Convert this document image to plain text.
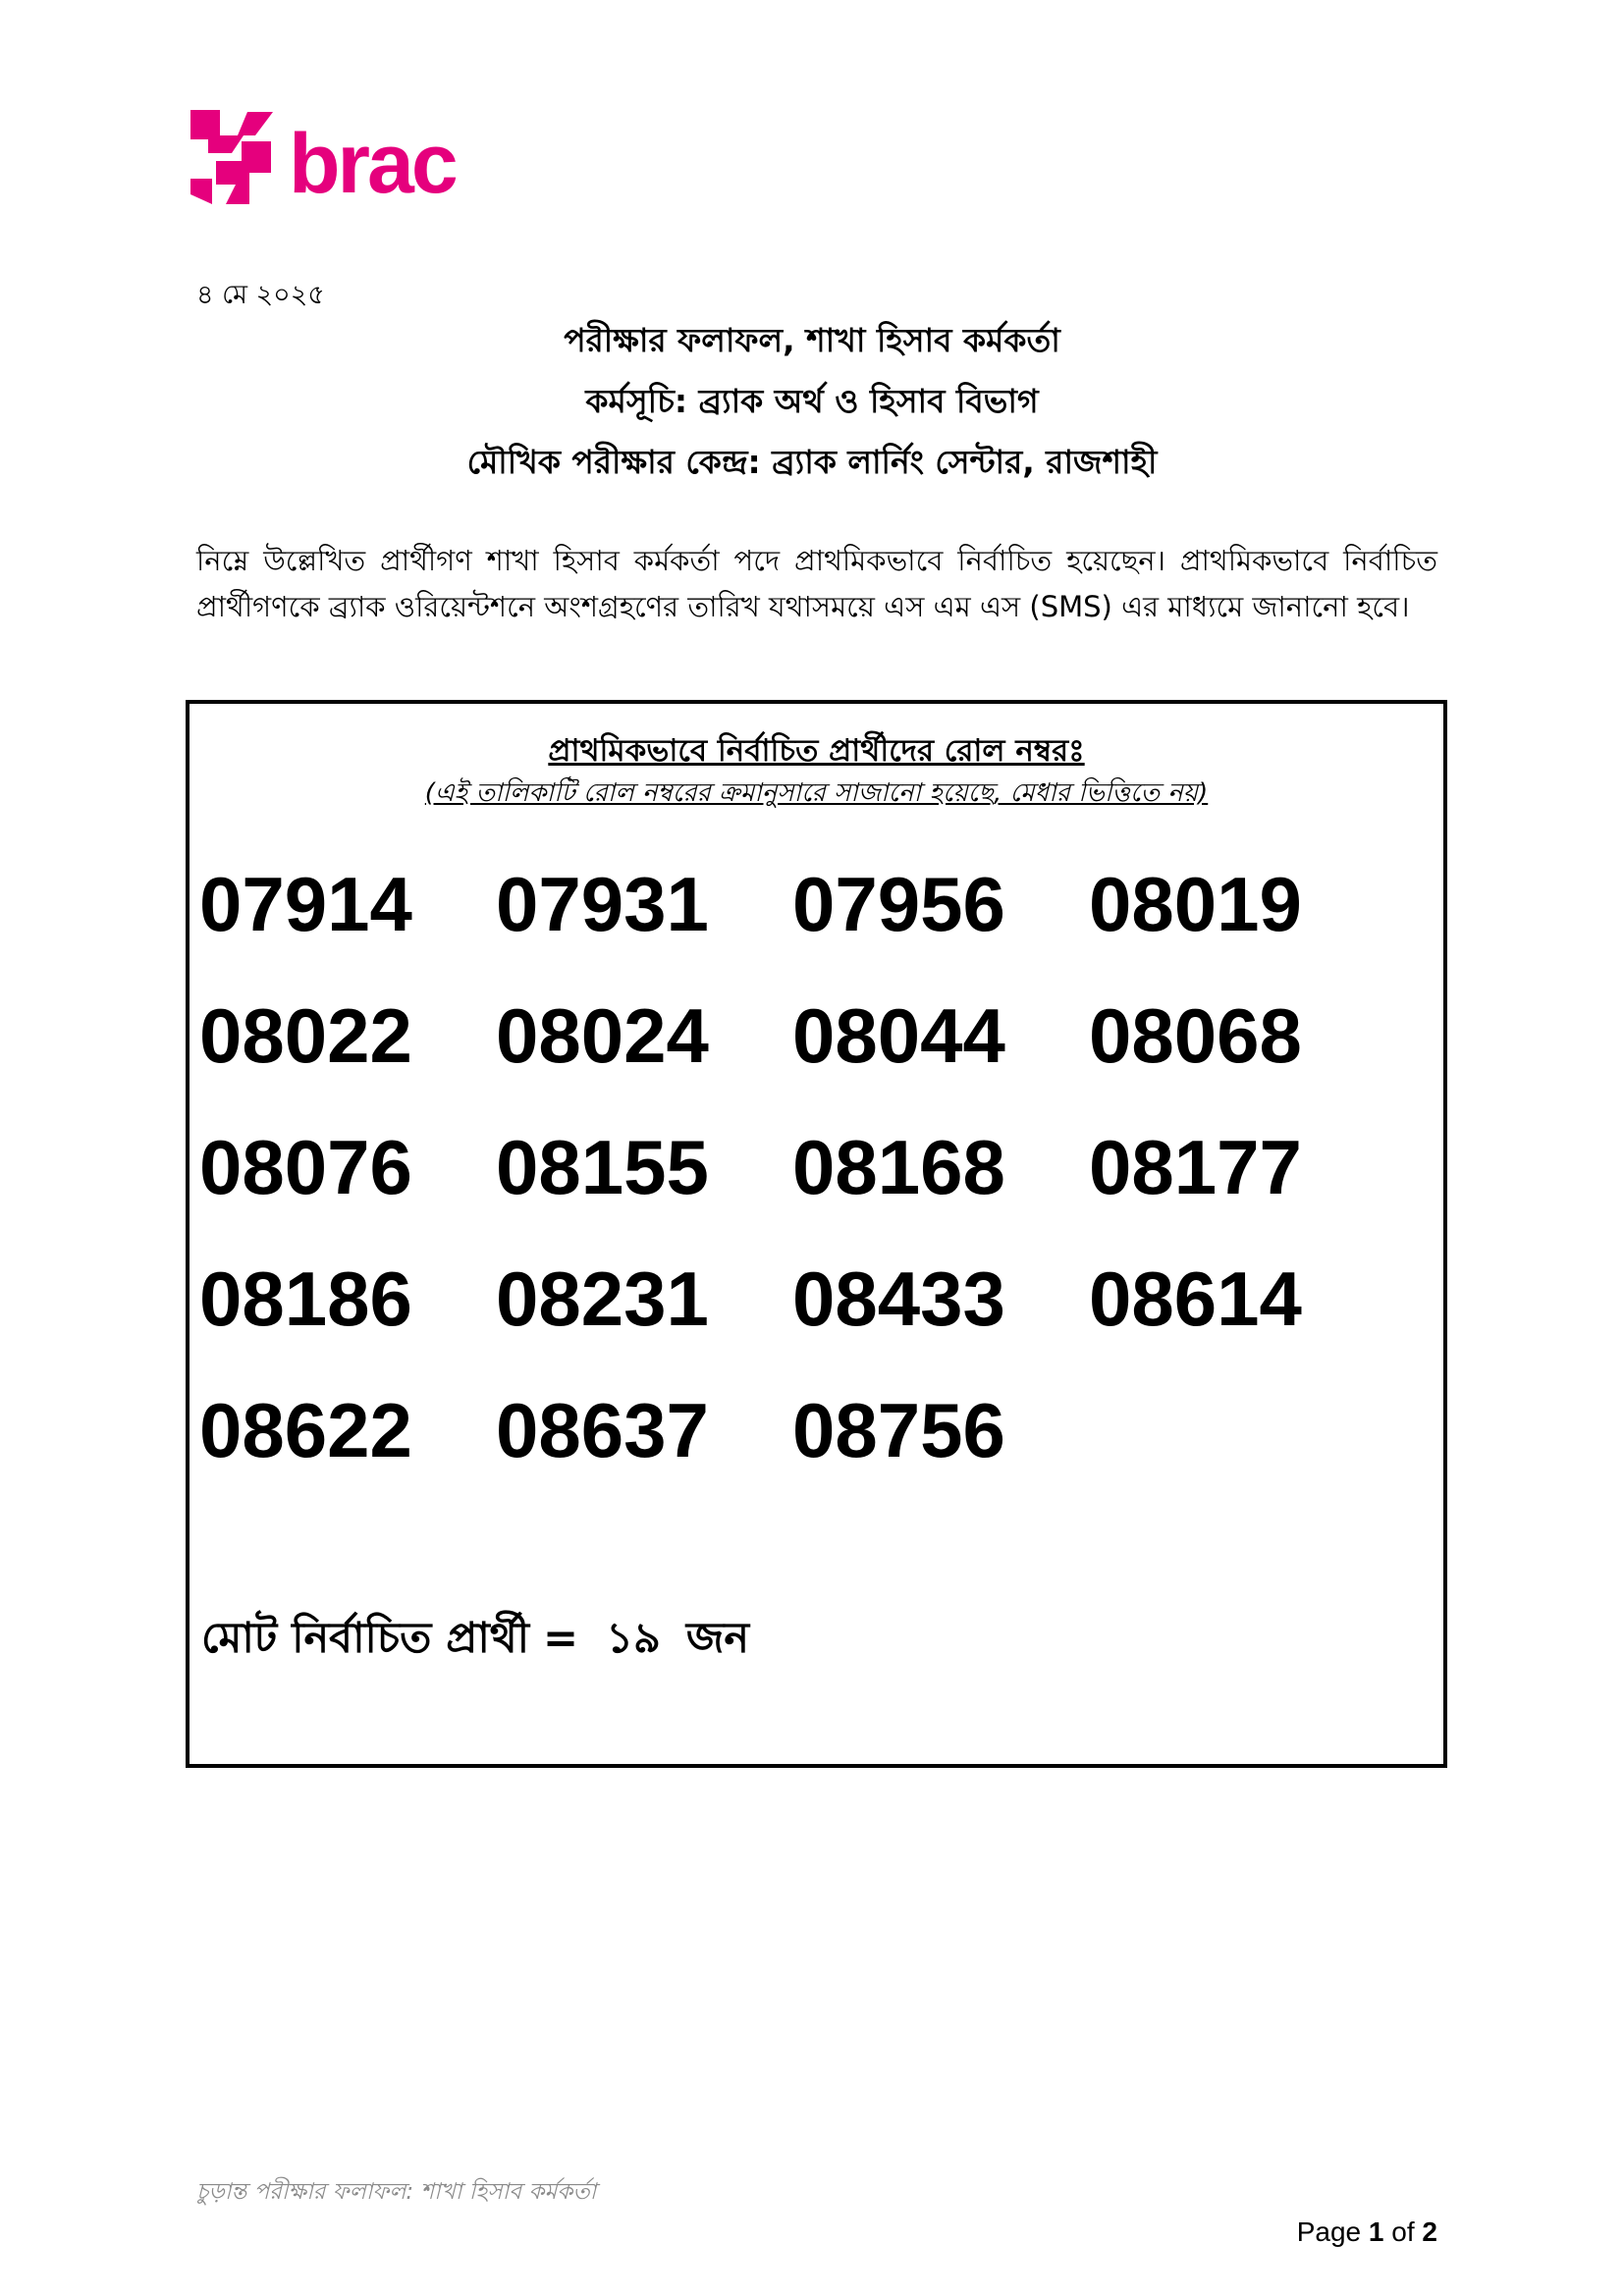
brac
৪ মে ২০২৫

পরীক্ষার ফলাফল, শাখা হিসাব কর্মকর্তা

কর্মসূচি: ব্র্যাক অর্থ ও হিসাব বিভাগ

মৌখিক পরীক্ষার কেন্দ্র: ব্র্যাক লার্নিং সেন্টার, রাজশাহী

নিম্নে উল্লেখিত প্রার্থীগণ শাখা হিসাব কর্মকর্তা পদে প্রাথমিকভাবে নির্বাচিত হয়েছেন। প্রাথমিকভাবে নির্বাচিত প্রার্থীগণকে ব্র্যাক ওরিয়েন্টশনে অংশগ্রহণের তারিখ যথাসময়ে এস এম এস (SMS) এর মাধ্যমে জানানো হবে।
প্রাথমিকভাবে নির্বাচিত প্রার্থীদের রোল নম্বরঃ
(এই তালিকাটি রোল নম্বরের ক্রমানুসারে সাজানো হয়েছে, মেধার ভিত্তিতে নয়)
07914 07931 07956 08019
08022 08024 08044 08068
08076 08155 08168 08177
08186 08231 08433 08614
08622 08637 08756
মোট নির্বাচিত প্রার্থী = ১৯ জন
চুড়ান্ত পরীক্ষার ফলাফল: শাখা হিসাব কর্মকর্তা
Page 1 of 2
